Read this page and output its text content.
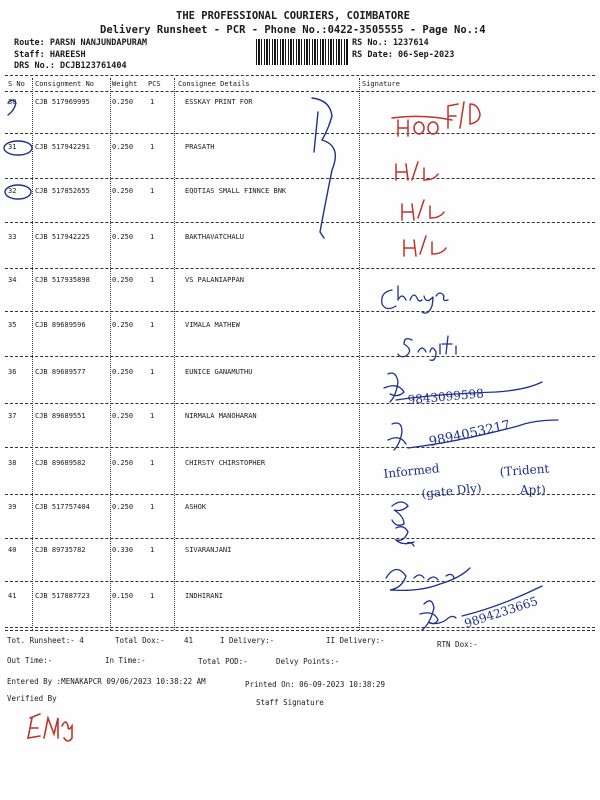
THE PROFESSIONAL COURIERS, COIMBATORE
Delivery Runsheet - PCR - Phone No.:0422-3505555 - Page No.:4
Route: PARSN NANJUNDAPURAM
Staff: HAREESH
DRS No.: DCJB123761404
RS No.: 1237614
RS Date: 06-Sep-2023
S No Consignment No	Weight PCS Consignee Details	Signature
30	CJB 517969995	0.250 1	ESSKAY PRINT FOR
31	CJB 517942291	0.250 1	PRASATH
32	CJB 517852655	0.250 1	EQOTIAS SMALL FINNCE BNK
33	CJB 517942225	0.250 1	BAKTHAVATCHALU
34	CJB 517935898	0.250 1	VS PALANIAPPAN
35	CJB 89689596	0.250 1	VIMALA MATHEW
36	CJB 89689577	0.250 1	EUNICE GANAMUTHU
37	CJB 89689551	0.250 1	NIRMALA MANOHARAN
38	CJB 89689582	0.250 1	CHIRSTY CHIRSTOPHER
39	CJB 517757404	0.250 1	ASHOK
40	CJB 89735782	0.330 1	SIVARANJANI
41	CJB 517887723	0.150 1	INDHIRANI
Tot. Runsheet:- 4	Total Dox:-	41	I Delivery:-	II Delivery:-	RTN Dox:-
Out Time:-	In Time:-	Total POD:-	Delvy Points:-
Entered By :MENAKAPCR 09/06/2023 10:38:22 AM	Printed On: 06-09-2023 10:38:29
Verified By	Staff Signature
9894053217
9843099598
Informed
(gate Dly)
(Trident
Apt)
9894233665
